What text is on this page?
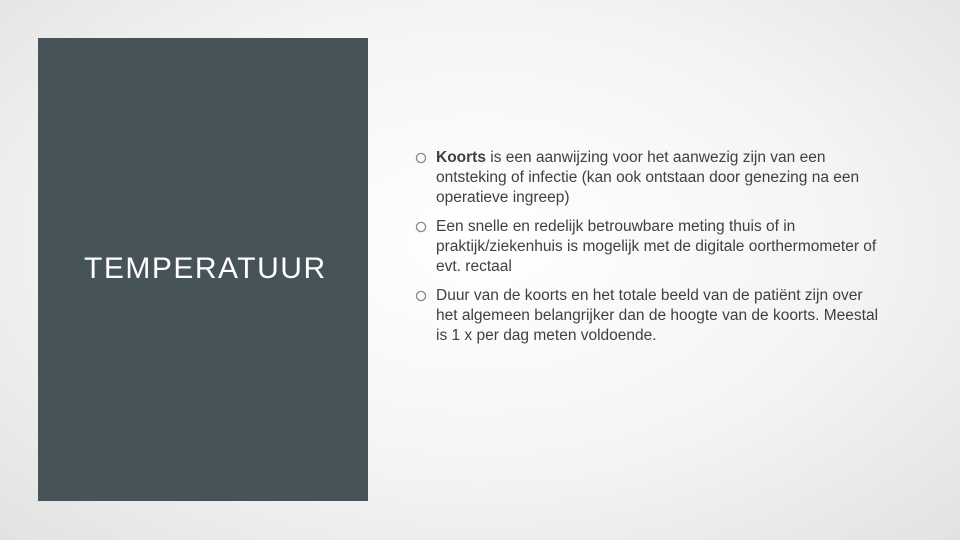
TEMPERATUUR
Koorts is een aanwijzing voor het aanwezig zijn van een ontsteking of infectie (kan ook ontstaan door genezing na een operatieve ingreep)
Een snelle en redelijk betrouwbare meting thuis of in praktijk/ziekenhuis is mogelijk met de digitale oorthermometer of evt. rectaal
Duur van de koorts en het totale beeld van de patiënt zijn over het algemeen belangrijker dan de hoogte van de koorts. Meestal is 1 x per dag meten voldoende.
